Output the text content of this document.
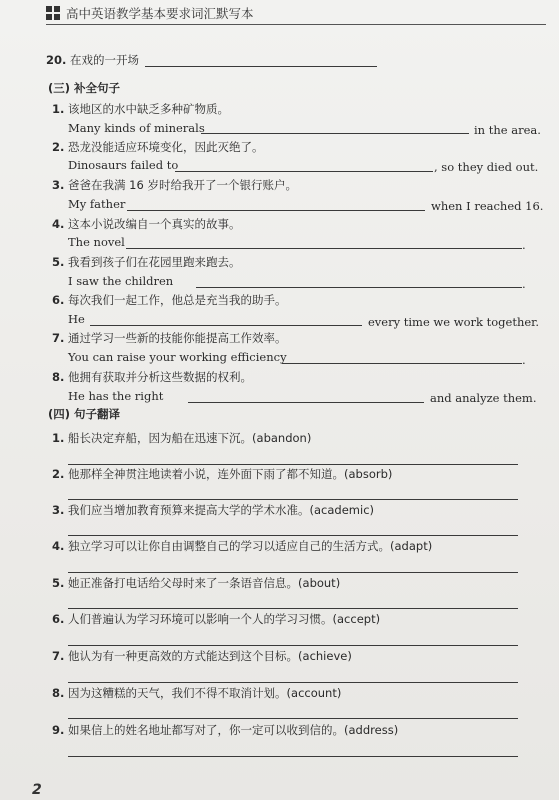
高中英语教学基本要求词汇默写本
20. 在戏的一开场
(三) 补全句子
1. 该地区的水中缺乏多种矿物质。
Many kinds of minerals	in the area.
2. 恐龙没能适应环境变化，因此灭绝了。
Dinosaurs failed to	, so they died out.
3. 爸爸在我满 16 岁时给我开了一个银行账户。
My father	when I reached 16.
4. 这本小说改编自一个真实的故事。
The novel	.
5. 我看到孩子们在花园里跑来跑去。
I saw the children	.
6. 每次我们一起工作，他总是充当我的助手。
He	every time we work together.
7. 通过学习一些新的技能你能提高工作效率。
You can raise your working efficiency	.
8. 他拥有获取并分析这些数据的权利。
He has the right	and analyze them.
(四) 句子翻译
1. 船长决定弃船，因为船在迅速下沉。(abandon)
2. 他那样全神贯注地读着小说，连外面下雨了都不知道。(absorb)
3. 我们应当增加教育预算来提高大学的学术水准。(academic)
4. 独立学习可以让你自由调整自己的学习以适应自己的生活方式。(adapt)
5. 她正准备打电话给父母时来了一条语音信息。(about)
6. 人们普遍认为学习环境可以影响一个人的学习习惯。(accept)
7. 他认为有一种更高效的方式能达到这个目标。(achieve)
8. 因为这糟糕的天气，我们不得不取消计划。(account)
9. 如果信上的姓名地址都写对了，你一定可以收到信的。(address)
2
